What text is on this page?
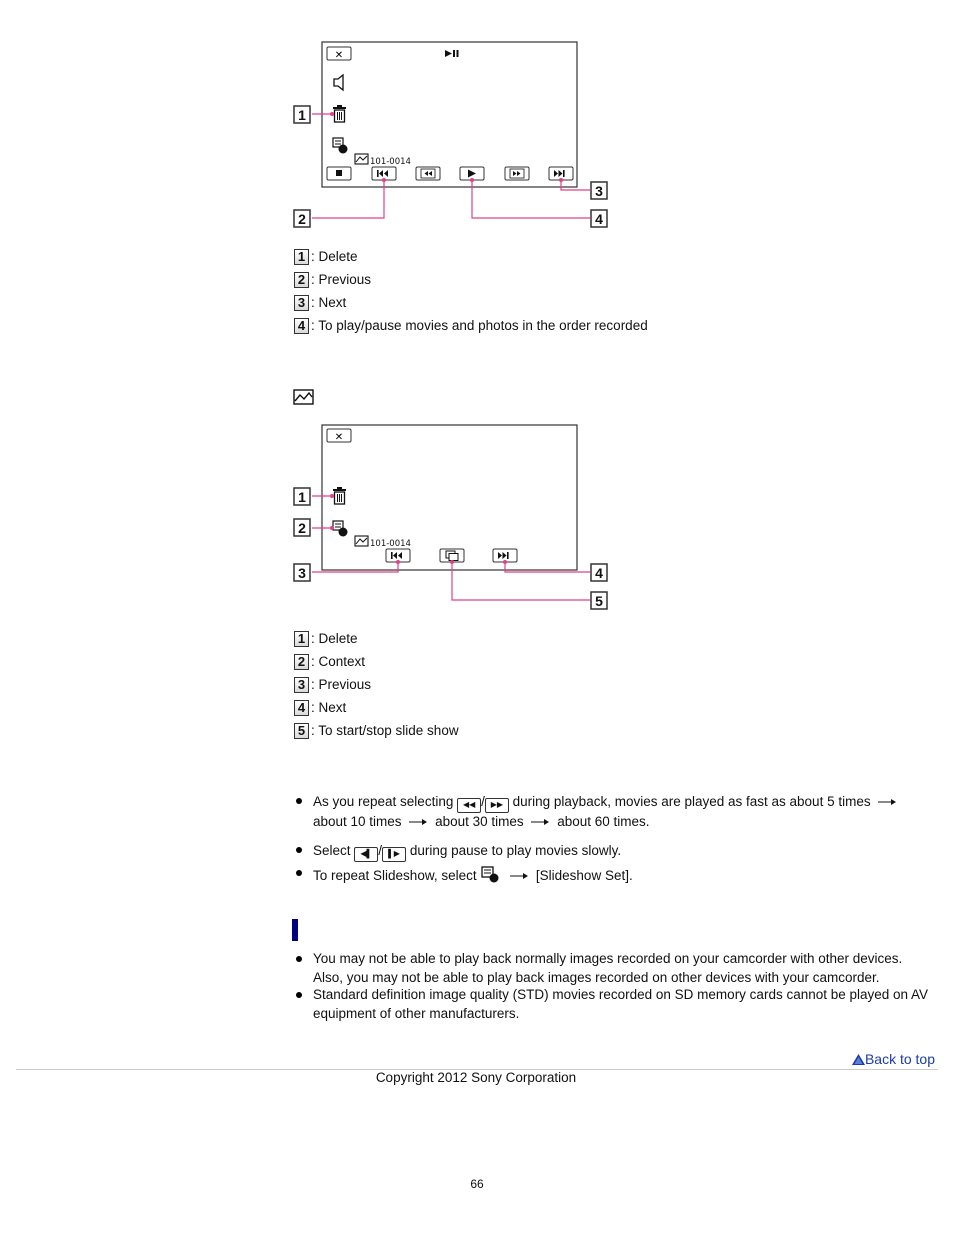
✕
101-0014
1
2
3
4
1 : Delete
2 : Previous
3 : Next
4 : To play/pause movies and photos in the order recorded
✕
101-0014
1
2
3	4
5
1 : Delete
2 : Context
3 : Previous
4 : Next
5 : To start/stop slide show
As you repeat selecting ◀◀ / ▶▶ during playback, movies are played as fast as about 5 times
about 10 times about 30 times about 60 times.
Select ◀▌ / ▌▶ during pause to play movies slowly.
To repeat Slideshow, select	[Slideshow Set].
You may not be able to play back normally images recorded on your camcorder with other devices. Also, you may not be able to play back images recorded on other devices with your camcorder.
Standard definition image quality (STD) movies recorded on SD memory cards cannot be played on AV equipment of other manufacturers.
Back to top
Copyright 2012 Sony Corporation
66
